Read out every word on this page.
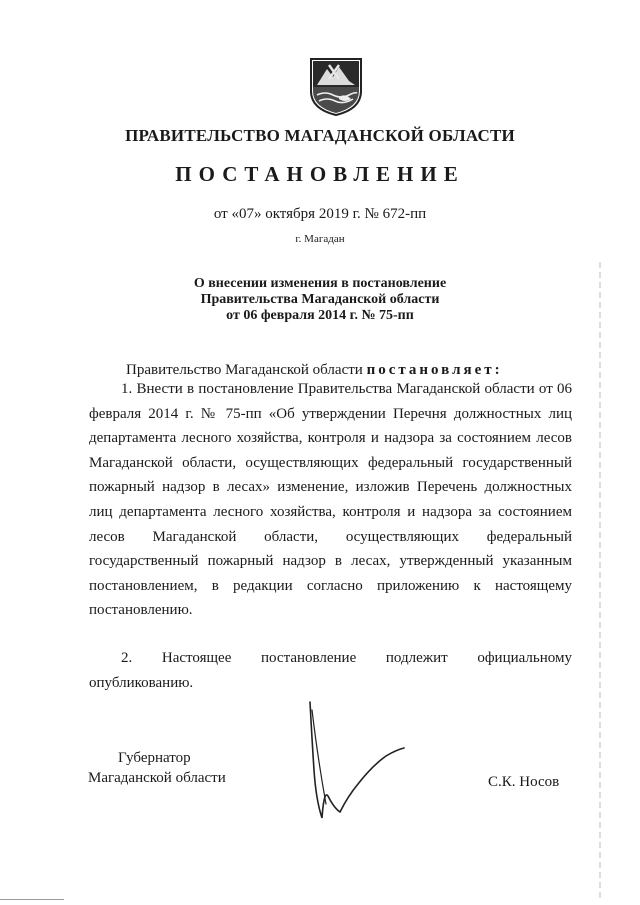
ПРАВИТЕЛЬСТВО МАГАДАНСКОЙ ОБЛАСТИ
ПОСТАНОВЛЕНИЕ
от «07» октября 2019 г. № 672-пп
г. Магадан
О внесении изменения в постановление
Правительства Магаданской области
от 06 февраля 2014 г. № 75-пп
Правительство Магаданской области постановляет:
1. Внести в постановление Правительства Магаданской области от 06 февраля 2014 г. № 75-пп «Об утверждении Перечня должностных лиц департамента лесного хозяйства, контроля и надзора за состоянием лесов Магаданской области, осуществляющих федеральный государственный пожарный надзор в лесах» изменение, изложив Перечень должностных лиц департамента лесного хозяйства, контроля и надзора за состоянием лесов Магаданской области, осуществляющих федеральный государственный пожарный надзор в лесах, утвержденный указанным постановлением, в редакции согласно приложению к настоящему постановлению.
2. Настоящее постановление подлежит официальному опубликованию.
Губернатор
Магаданской области	С.К. Носов
